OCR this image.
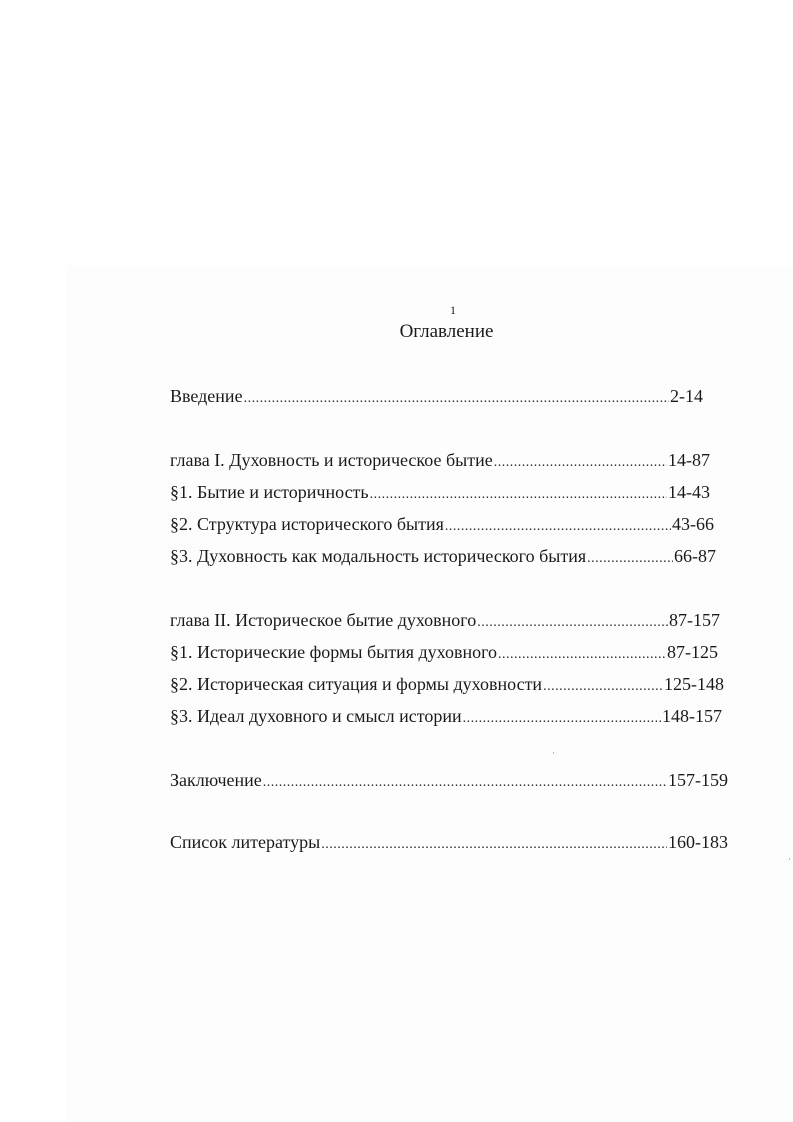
1
Оглавление
Введение .....	2-14
глава I. Духовность и историческое бытие .....	14-87
§1. Бытие и историчность .....	14-43
§2. Структура исторического бытия .....	43-66
§3. Духовность как модальность исторического бытия .....	66-87
глава II. Историческое бытие духовного .....	87-157
§1. Исторические формы бытия духовного .....	87-125
§2. Историческая ситуация и формы духовности .....	125-148
§3. Идеал духовного и смысл истории .....	148-157
Заключение .....	157-159
Список литературы .....	160-183
